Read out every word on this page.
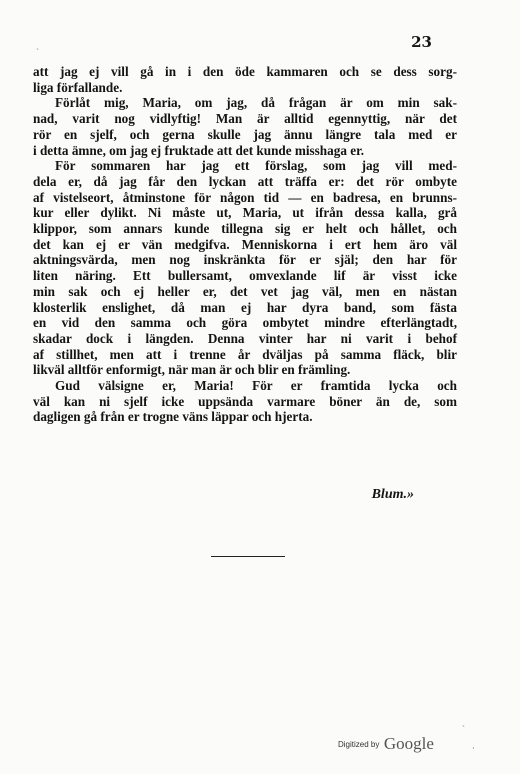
ˏ
ˏ
·
23
att jag ej vill gå in i den öde kammaren och se dess sorg-
liga förfallande.
Förlåt mig, Maria, om jag, då frågan är om min sak-
nad, varit nog vidlyftig! Man är alltid egennyttig, när det
rör en sjelf, och gerna skulle jag ännu längre tala med er
i detta ämne, om jag ej fruktade att det kunde misshaga er.
För sommaren har jag ett förslag, som jag vill med-
dela er, då jag får den lyckan att träffa er: det rör ombyte
af vistelseort, åtminstone för någon tid — en badresa, en brunns-
kur eller dylikt. Ni måste ut, Maria, ut ifrån dessa kalla, grå
klippor, som annars kunde tillegna sig er helt och hållet, och
det kan ej er vän medgifva. Menniskorna i ert hem äro väl
aktningsvärda, men nog inskränkta för er själ; den har för
liten näring. Ett bullersamt, omvexlande lif är visst icke
min sak och ej heller er, det vet jag väl, men en nästan
klosterlik enslighet, då man ej har dyra band, som fästa
en vid den samma och göra ombytet mindre efterlängtadt,
skadar dock i längden. Denna vinter har ni varit i behof
af stillhet, men att i trenne år dväljas på samma fläck, blir
likväl alltför enformigt, när man är och blir en främling.
Gud välsigne er, Maria! För er framtida lycka och
väl kan ni sjelf icke uppsända varmare böner än de, som
dagligen gå från er trogne väns läppar och hjerta.
Blum.»
Digitized by Google
